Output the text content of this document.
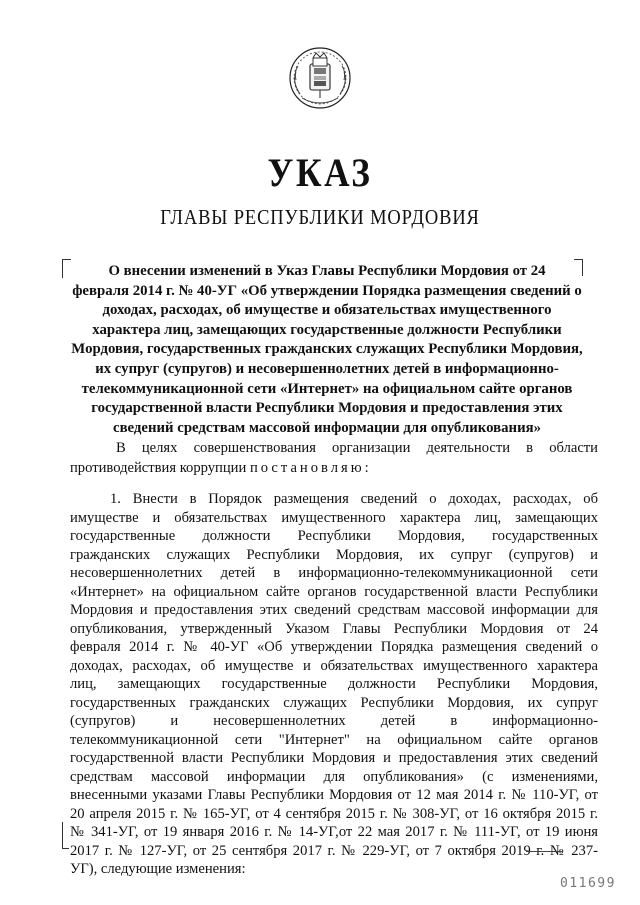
УКАЗ
ГЛАВЫ РЕСПУБЛИКИ МОРДОВИЯ
О внесении изменений в Указ Главы Республики Мордовия от 24
февраля 2014 г. № 40-УГ «Об утверждении Порядка размещения сведений о
доходах, расходах, об имуществе и обязательствах имущественного
характера лиц, замещающих государственные должности Республики
Мордовия, государственных гражданских служащих Республики Мордовия,
их супруг (супругов) и несовершеннолетних детей в информационно-
телекоммуникационной сети «Интернет» на официальном сайте органов
государственной власти Республики Мордовия и предоставления этих
сведений средствам массовой информации для опубликования»
В целях совершенствования организации деятельности в области
противодействия коррупции постановляю:
1. Внести в Порядок размещения сведений о доходах, расходах, об
имуществе и обязательствах имущественного характера лиц, замещающих
государственные должности Республики Мордовия, государственных
гражданских служащих Республики Мордовия, их супруг (супругов) и
несовершеннолетних детей в информационно-телекоммуникационной сети
«Интернет» на официальном сайте органов государственной власти Республики
Мордовия и предоставления этих сведений средствам массовой информации для
опубликования, утвержденный Указом Главы Республики Мордовия от 24
февраля 2014 г. № 40-УГ «Об утверждении Порядка размещения сведений о
доходах, расходах, об имуществе и обязательствах имущественного характера
лиц, замещающих государственные должности Республики Мордовия,
государственных гражданских служащих Республики Мордовия, их супруг
(супругов) и несовершеннолетних детей в информационно-
телекоммуникационной сети "Интернет" на официальном сайте органов
государственной власти Республики Мордовия и предоставления этих сведений
средствам массовой информации для опубликования» (с изменениями,
внесенными указами Главы Республики Мордовия от 12 мая 2014 г. № 110-УГ, от
20 апреля 2015 г. № 165-УГ, от 4 сентября 2015 г. № 308-УГ, от 16 октября 2015 г.
№ 341-УГ, от 19 января 2016 г. № 14-УГ,от 22 мая 2017 г. № 111-УГ, от 19 июня
2017 г. № 127-УГ, от 25 сентября 2017 г. № 229-УГ, от 7 октября 2019 г. № 237-
УГ), следующие изменения:
011699
